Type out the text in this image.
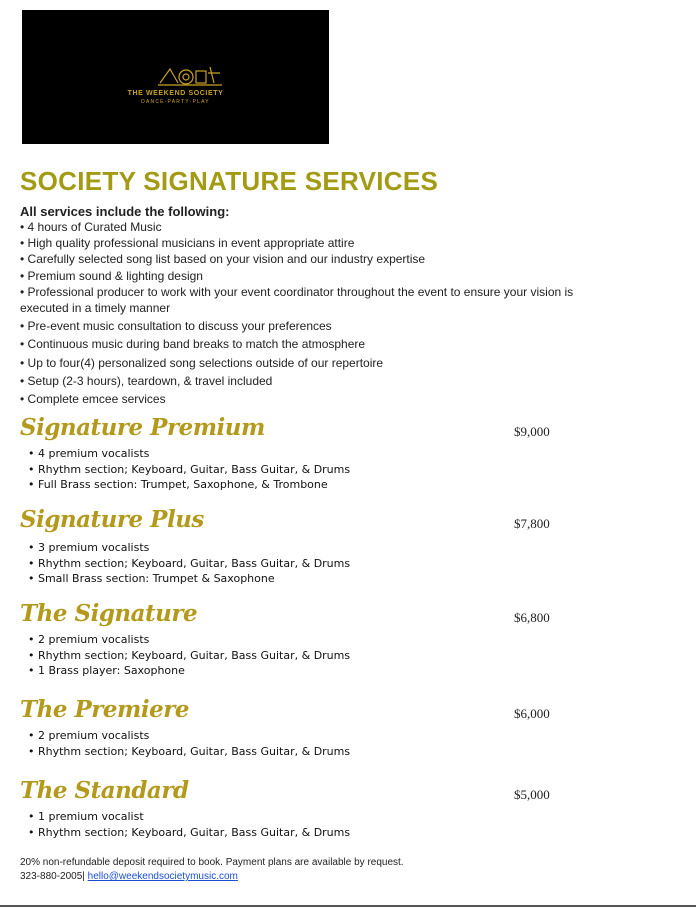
THE WEEKEND SOCIETY
DANCE·PARTY·PLAY
SOCIETY SIGNATURE SERVICES
All services include the following:
• 4 hours of Curated Music
• High quality professional musicians in event appropriate attire
• Carefully selected song list based on your vision and our industry expertise
• Premium sound & lighting design
• Professional producer to work with your event coordinator throughout the event to ensure your vision is executed in a timely manner
• Pre-event music consultation to discuss your preferences
• Continuous music during band breaks to match the atmosphere
• Up to four(4) personalized song selections outside of our repertoire
• Setup (2-3 hours), teardown, & travel included
• Complete emcee services
Signature Premium	$9,000
• 4 premium vocalists
• Rhythm section; Keyboard, Guitar, Bass Guitar, & Drums
• Full Brass section: Trumpet, Saxophone, & Trombone
Signature Plus	$7,800
• 3 premium vocalists
• Rhythm section; Keyboard, Guitar, Bass Guitar, & Drums
• Small Brass section: Trumpet & Saxophone
The Signature	$6,800
• 2 premium vocalists
• Rhythm section; Keyboard, Guitar, Bass Guitar, & Drums
• 1 Brass player: Saxophone
The Premiere	$6,000
• 2 premium vocalists
• Rhythm section; Keyboard, Guitar, Bass Guitar, & Drums
The Standard	$5,000
• 1 premium vocalist
• Rhythm section; Keyboard, Guitar, Bass Guitar, & Drums
20% non-refundable deposit required to book. Payment plans are available by request.
323-880-2005| hello@weekendsocietymusic.com
